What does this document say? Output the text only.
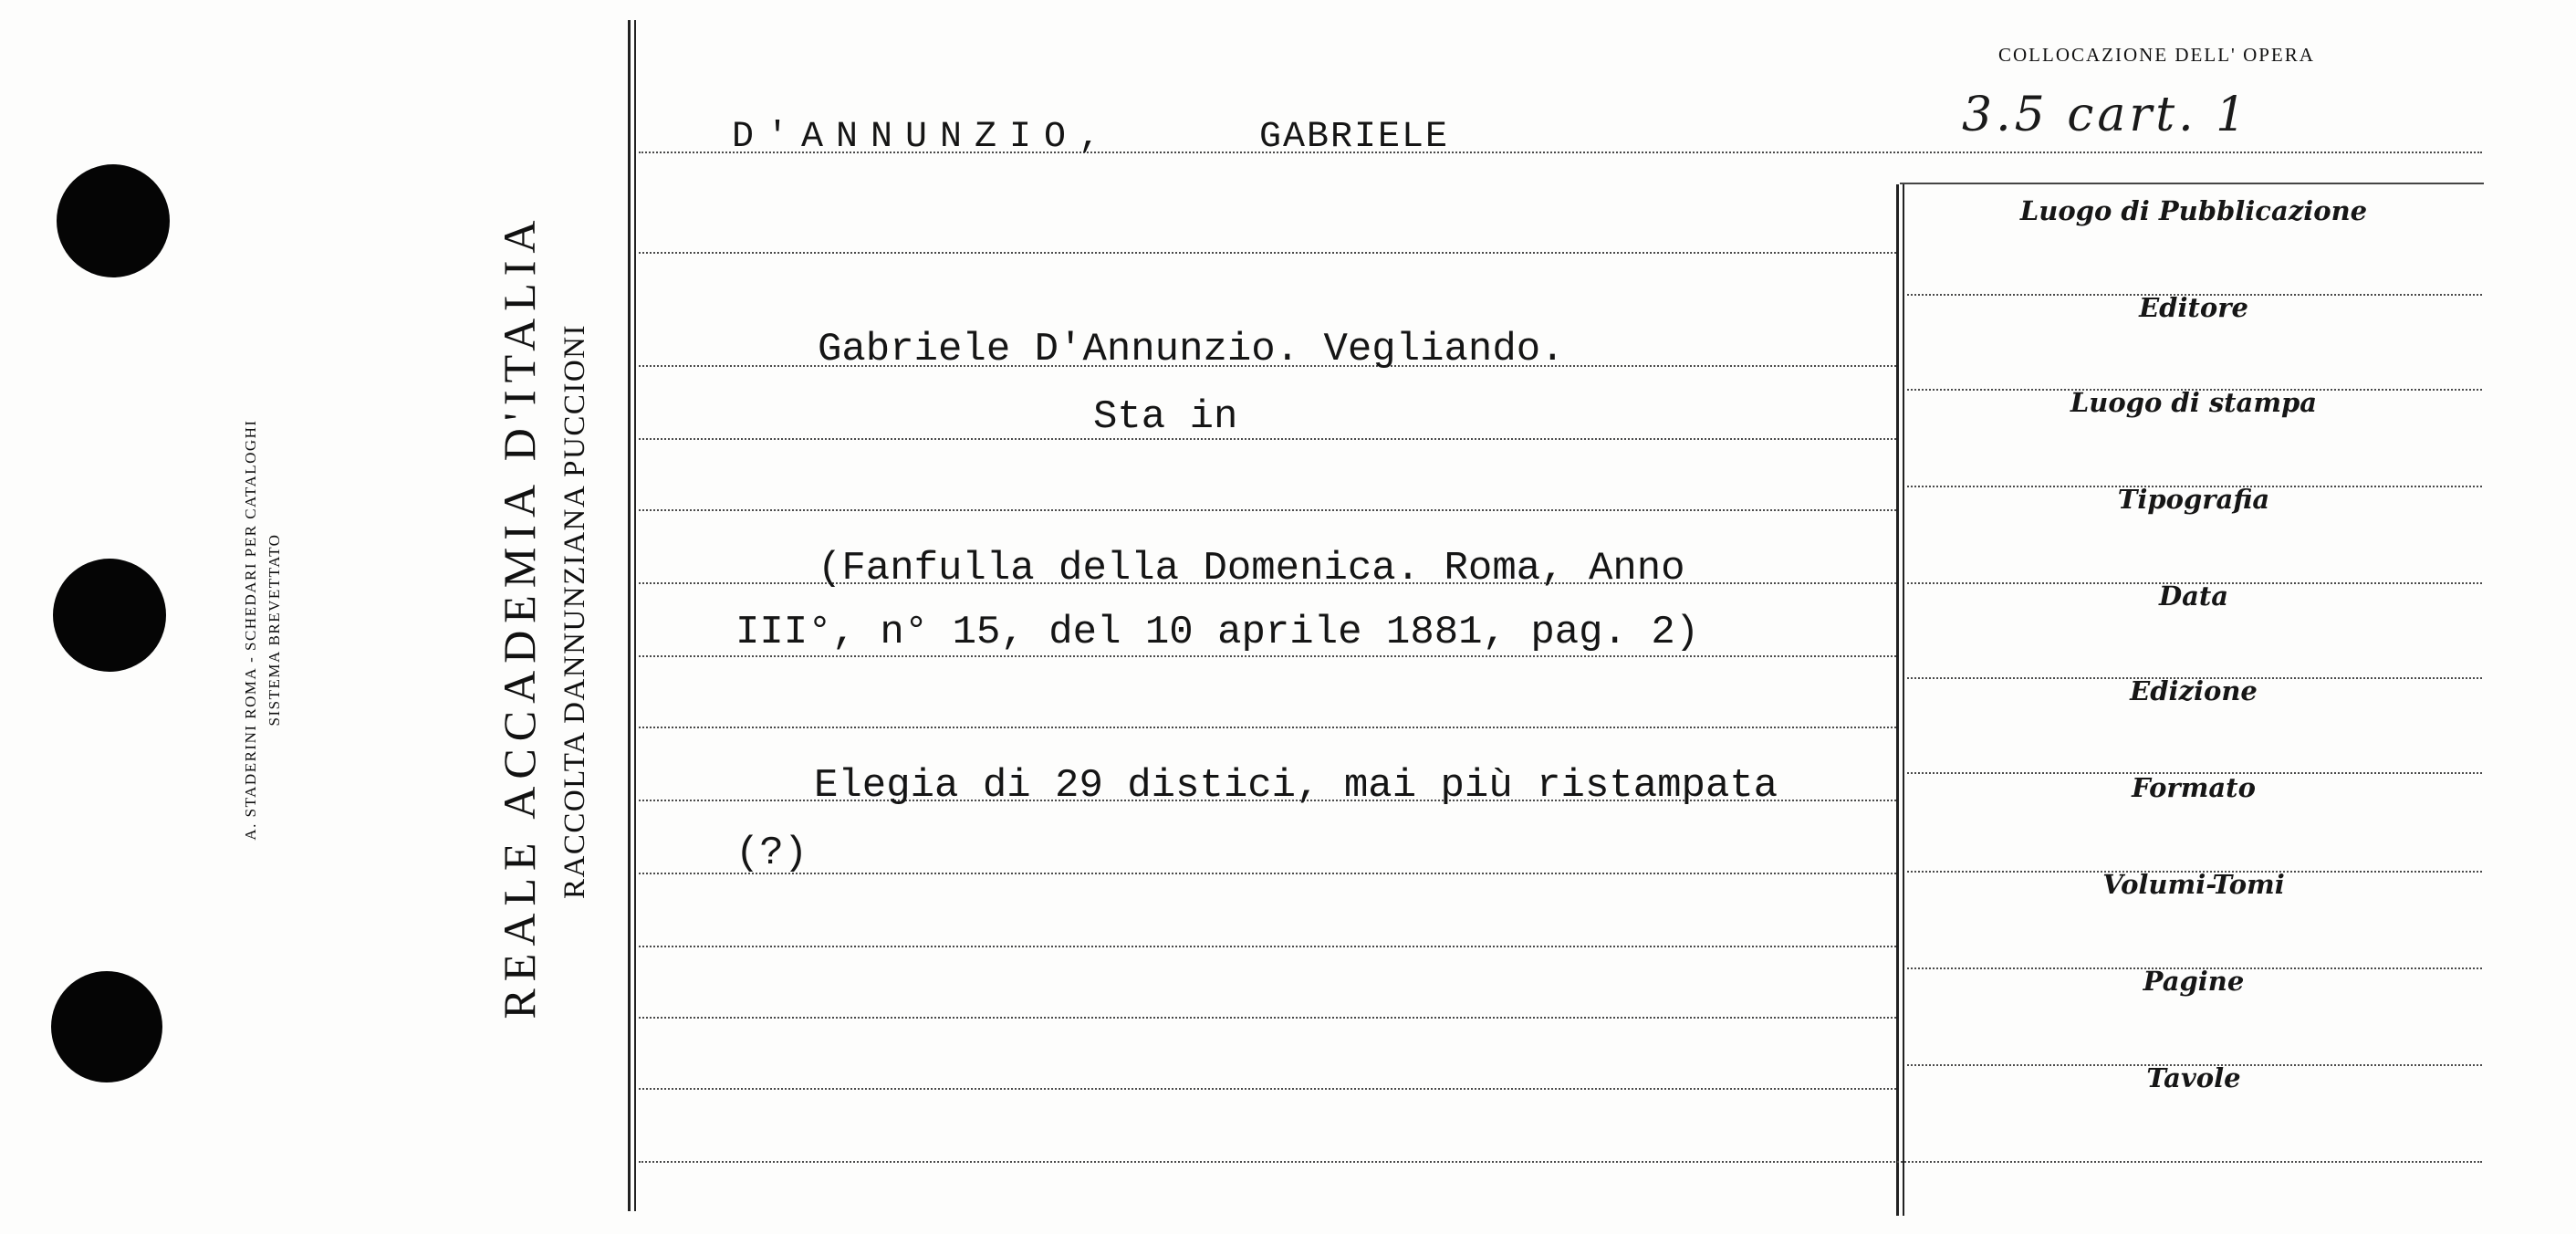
A. STADERINI ROMA - SCHEDARI PER CATALOGHI SISTEMA BREVETTATO	REALE ACCADEMIA D'ITALIA RACCOLTA DANNUNZIANA PUCCIONI
D'ANNUNZIO,	GABRIELE
Gabriele D'Annunzio. Vegliando.
Sta in
(Fanfulla della Domenica. Roma, Anno
III°, n° 15, del 10 aprile 1881, pag. 2)
Elegia di 29 distici, mai più ristampata
(?)
COLLOCAZIONE DELL' OPERA
3.5 cart. 1
Luogo di Pubblicazione
Editore
Luogo di stampa
Tipografia
Data
Edizione
Formato
Volumi-Tomi
Pagine
Tavole
